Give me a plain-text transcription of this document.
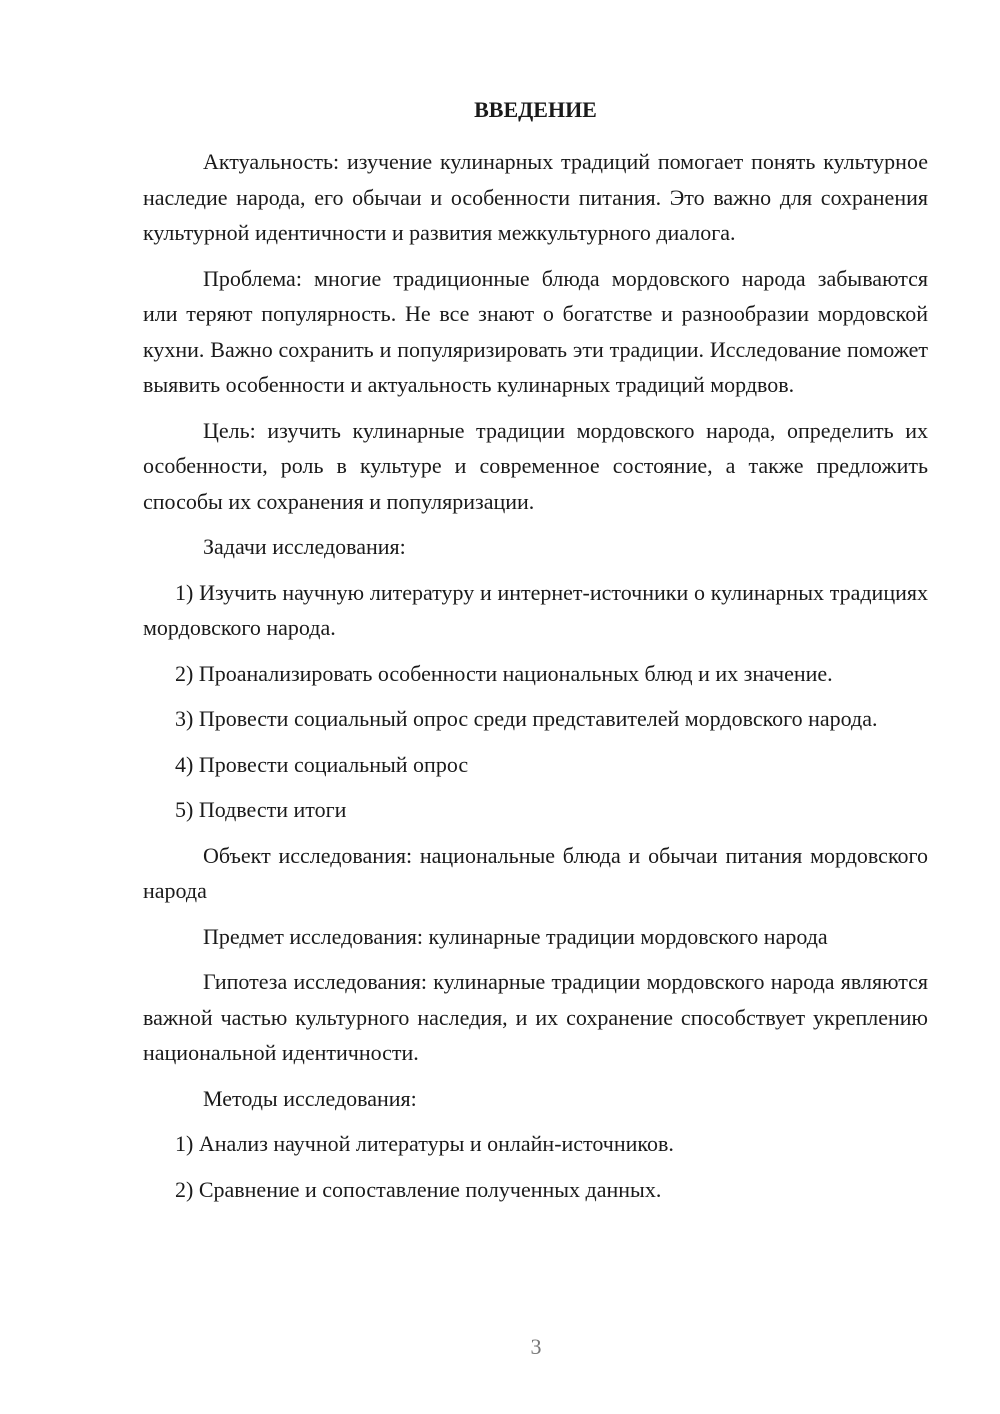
ВВЕДЕНИЕ

Актуальность: изучение кулинарных традиций помогает понять культурное наследие народа, его обычаи и особенности питания. Это важно для сохранения культурной идентичности и развития межкультурного диалога.

Проблема: многие традиционные блюда мордовского народа забываются или теряют популярность. Не все знают о богатстве и разнообразии мордовской кухни. Важно сохранить и популяризировать эти традиции. Исследование поможет выявить особенности и актуальность кулинарных традиций мордвов.

Цель: изучить кулинарные традиции мордовского народа, определить их особенности, роль в культуре и современное состояние, а также предложить способы их сохранения и популяризации.

Задачи исследования:

1) Изучить научную литературу и интернет-источники о кулинарных традициях мордовского народа.

2) Проанализировать особенности национальных блюд и их значение.

3) Провести социальный опрос среди представителей мордовского народа.

4) Провести социальный опрос

5) Подвести итоги

Объект исследования: национальные блюда и обычаи питания мордовского народа

Предмет исследования: кулинарные традиции мордовского народа

Гипотеза исследования: кулинарные традиции мордовского народа являются важной частью культурного наследия, и их сохранение способствует укреплению национальной идентичности.

Методы исследования:

1) Анализ научной литературы и онлайн-источников.

2) Сравнение и сопоставление полученных данных.

3
